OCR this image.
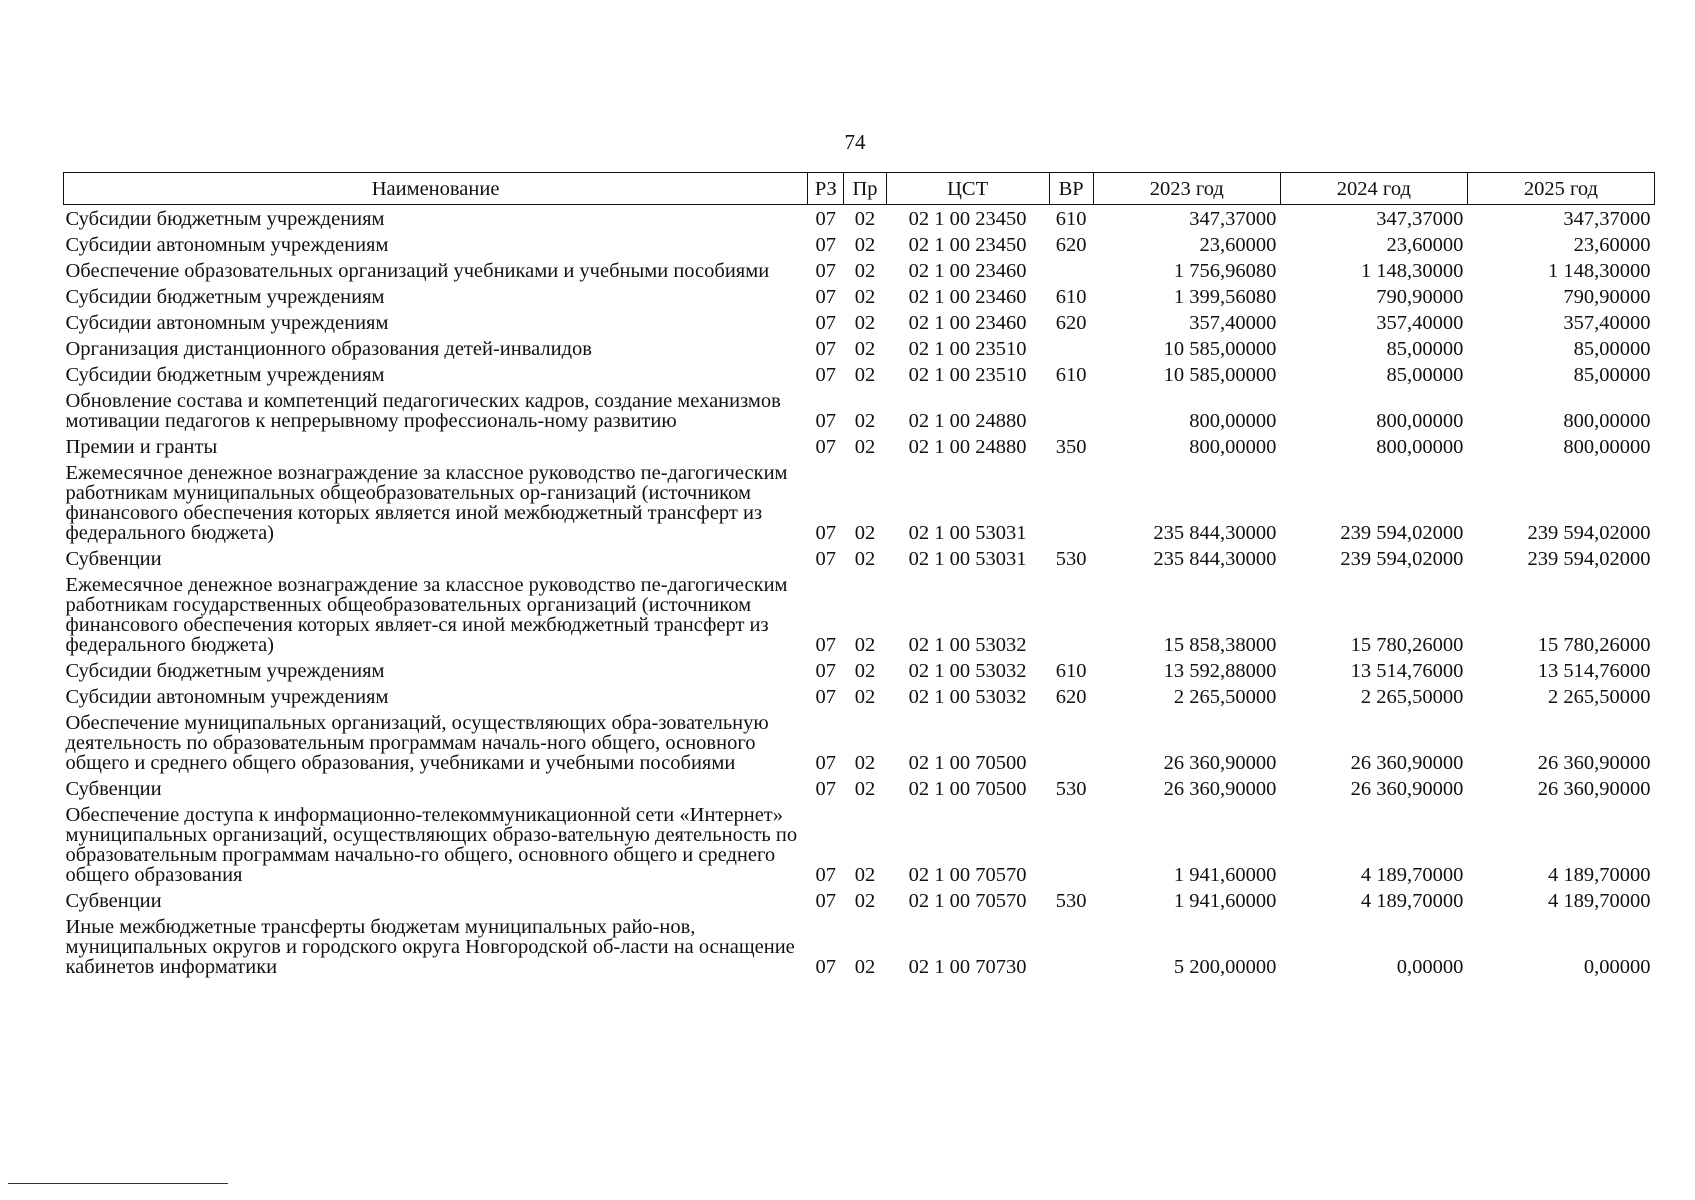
74
Наименование	РЗ	Пр	ЦСТ	ВР	2023 год	2024 год	2025 год
Субсидии бюджетным учреждениям	07	02	02 1 00 23450	610	347,37000	347,37000	347,37000
Субсидии автономным учреждениям	07	02	02 1 00 23450	620	23,60000	23,60000	23,60000
Обеспечение образовательных организаций учебниками и учебными пособиями	07	02	02 1 00 23460		1 756,96080	1 148,30000	1 148,30000
Субсидии бюджетным учреждениям	07	02	02 1 00 23460	610	1 399,56080	790,90000	790,90000
Субсидии автономным учреждениям	07	02	02 1 00 23460	620	357,40000	357,40000	357,40000
Организация дистанционного образования детей-инвалидов	07	02	02 1 00 23510		10 585,00000	85,00000	85,00000
Субсидии бюджетным учреждениям	07	02	02 1 00 23510	610	10 585,00000	85,00000	85,00000
Обновление состава и компетенций педагогических кадров, создание механизмов мотивации педагогов к непрерывному профессиональ-ному развитию	07	02	02 1 00 24880		800,00000	800,00000	800,00000
Премии и гранты	07	02	02 1 00 24880	350	800,00000	800,00000	800,00000
Ежемесячное денежное вознаграждение за классное руководство пе-дагогическим работникам муниципальных общеобразовательных ор-ганизаций (источником финансового обеспечения которых является иной межбюджетный трансферт из федерального бюджета)	07	02	02 1 00 53031		235 844,30000	239 594,02000	239 594,02000
Субвенции	07	02	02 1 00 53031	530	235 844,30000	239 594,02000	239 594,02000
Ежемесячное денежное вознаграждение за классное руководство пе-дагогическим работникам государственных общеобразовательных организаций (источником финансового обеспечения которых являет-ся иной межбюджетный трансферт из федерального бюджета)	07	02	02 1 00 53032		15 858,38000	15 780,26000	15 780,26000
Субсидии бюджетным учреждениям	07	02	02 1 00 53032	610	13 592,88000	13 514,76000	13 514,76000
Субсидии автономным учреждениям	07	02	02 1 00 53032	620	2 265,50000	2 265,50000	2 265,50000
Обеспечение муниципальных организаций, осуществляющих обра-зовательную деятельность по образовательным программам началь-ного общего, основного общего и среднего общего образования, учебниками и учебными пособиями	07	02	02 1 00 70500		26 360,90000	26 360,90000	26 360,90000
Субвенции	07	02	02 1 00 70500	530	26 360,90000	26 360,90000	26 360,90000
Обеспечение доступа к информационно-телекоммуникационной сети «Интернет» муниципальных организаций, осуществляющих образо-вательную деятельность по образовательным программам начально-го общего, основного общего и среднего общего образования	07	02	02 1 00 70570		1 941,60000	4 189,70000	4 189,70000
Субвенции	07	02	02 1 00 70570	530	1 941,60000	4 189,70000	4 189,70000
Иные межбюджетные трансферты бюджетам муниципальных райо-нов, муниципальных округов и городского округа Новгородской об-ласти на оснащение кабинетов информатики	07	02	02 1 00 70730		5 200,00000	0,00000	0,00000
